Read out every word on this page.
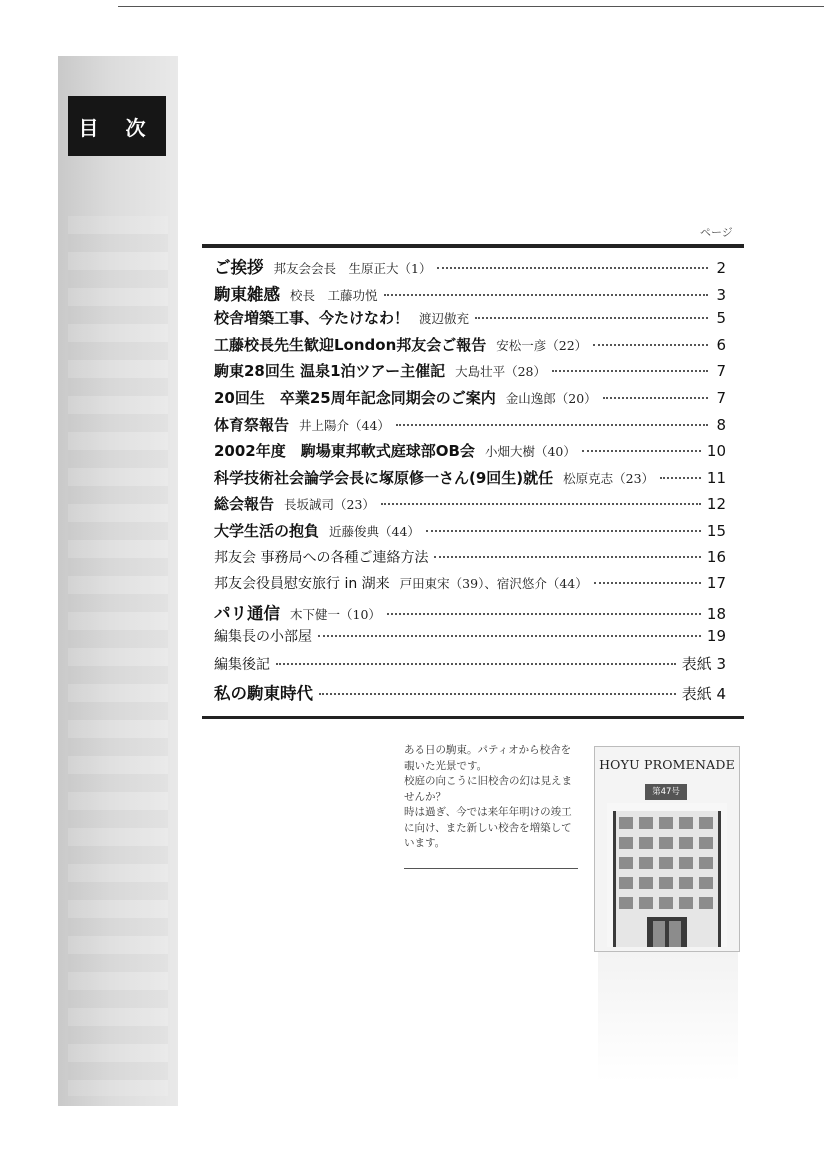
目 次
ページ
ご挨拶 邦友会会長　生原正大（1）	2
駒東雑感 校長　工藤功悦	3
校舎増築工事、今たけなわ！ 渡辺傲充	5
工藤校長先生歓迎London邦友会ご報告 安松一彦（22）	6
駒東28回生 温泉1泊ツアー主催記 大島壮平（28）	7
20回生　卒業25周年記念同期会のご案内 金山逸郎（20）	7
体育祭報告 井上陽介（44）	8
2002年度　駒場東邦軟式庭球部OB会 小畑大樹（40）	10
科学技術社会論学会長に塚原修一さん(9回生)就任 松原克志（23）	11
総会報告 長坂誠司（23）	12
大学生活の抱負 近藤俊典（44）	15
邦友会 事務局への各種ご連絡方法	16
邦友会役員慰安旅行 in 湖来 戸田東宋（39）、宿沢悠介（44）	17
パリ通信 木下健一（10）	18
編集長の小部屋	19
編集後記	表紙 3
私の駒東時代	表紙 4

ある日の駒東。パティオから校舎を

覗いた光景です。

校庭の向こうに旧校舎の幻は見えま

せんか？

時は過ぎ、今では来年年明けの竣工

に向け、また新しい校舎を増築して

います。

HOYU PROMENADE
第47号
